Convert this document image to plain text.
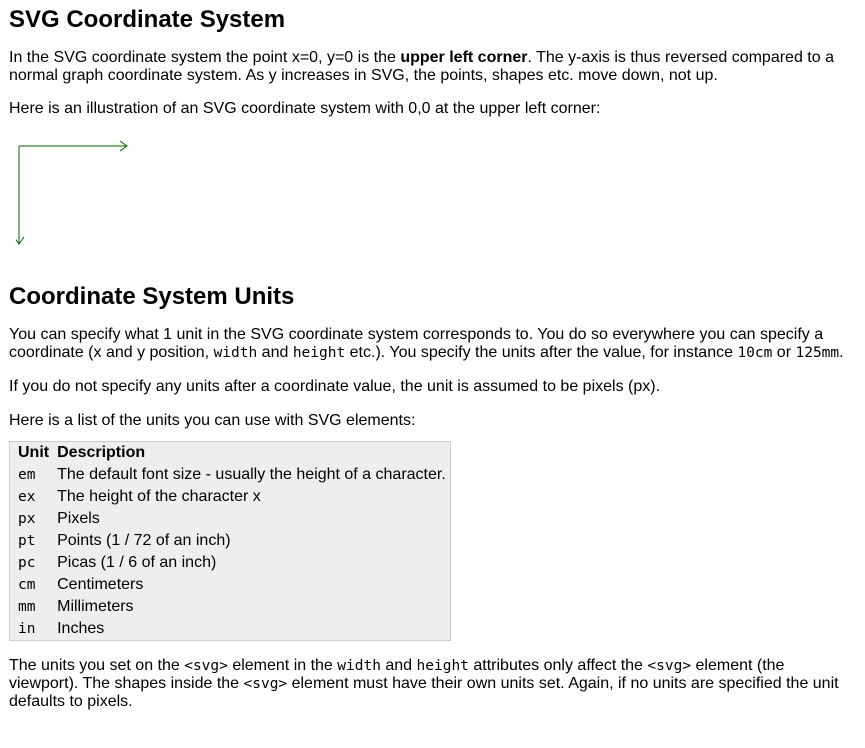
SVG Coordinate System

In the SVG coordinate system the point x=0, y=0 is the upper left corner. The y-axis is thus reversed compared to a normal graph coordinate system. As y increases in SVG, the points, shapes etc. move down, not up.

Here is an illustration of an SVG coordinate system with 0,0 at the upper left corner:

Coordinate System Units

You can specify what 1 unit in the SVG coordinate system corresponds to. You do so everywhere you can specify a coordinate (x and y position, width and height etc.). You specify the units after the value, for instance 10cm or 125mm.

If you do not specify any units after a coordinate value, the unit is assumed to be pixels (px).

Here is a list of the units you can use with SVG elements:

Unit	Description
em	The default font size - usually the height of a character.
ex	The height of the character x
px	Pixels
pt	Points (1 / 72 of an inch)
pc	Picas (1 / 6 of an inch)
cm	Centimeters
mm	Millimeters
in	Inches

The units you set on the <svg> element in the width and height attributes only affect the <svg> element (the viewport). The shapes inside the <svg> element must have their own units set. Again, if no units are specified the unit defaults to pixels.
